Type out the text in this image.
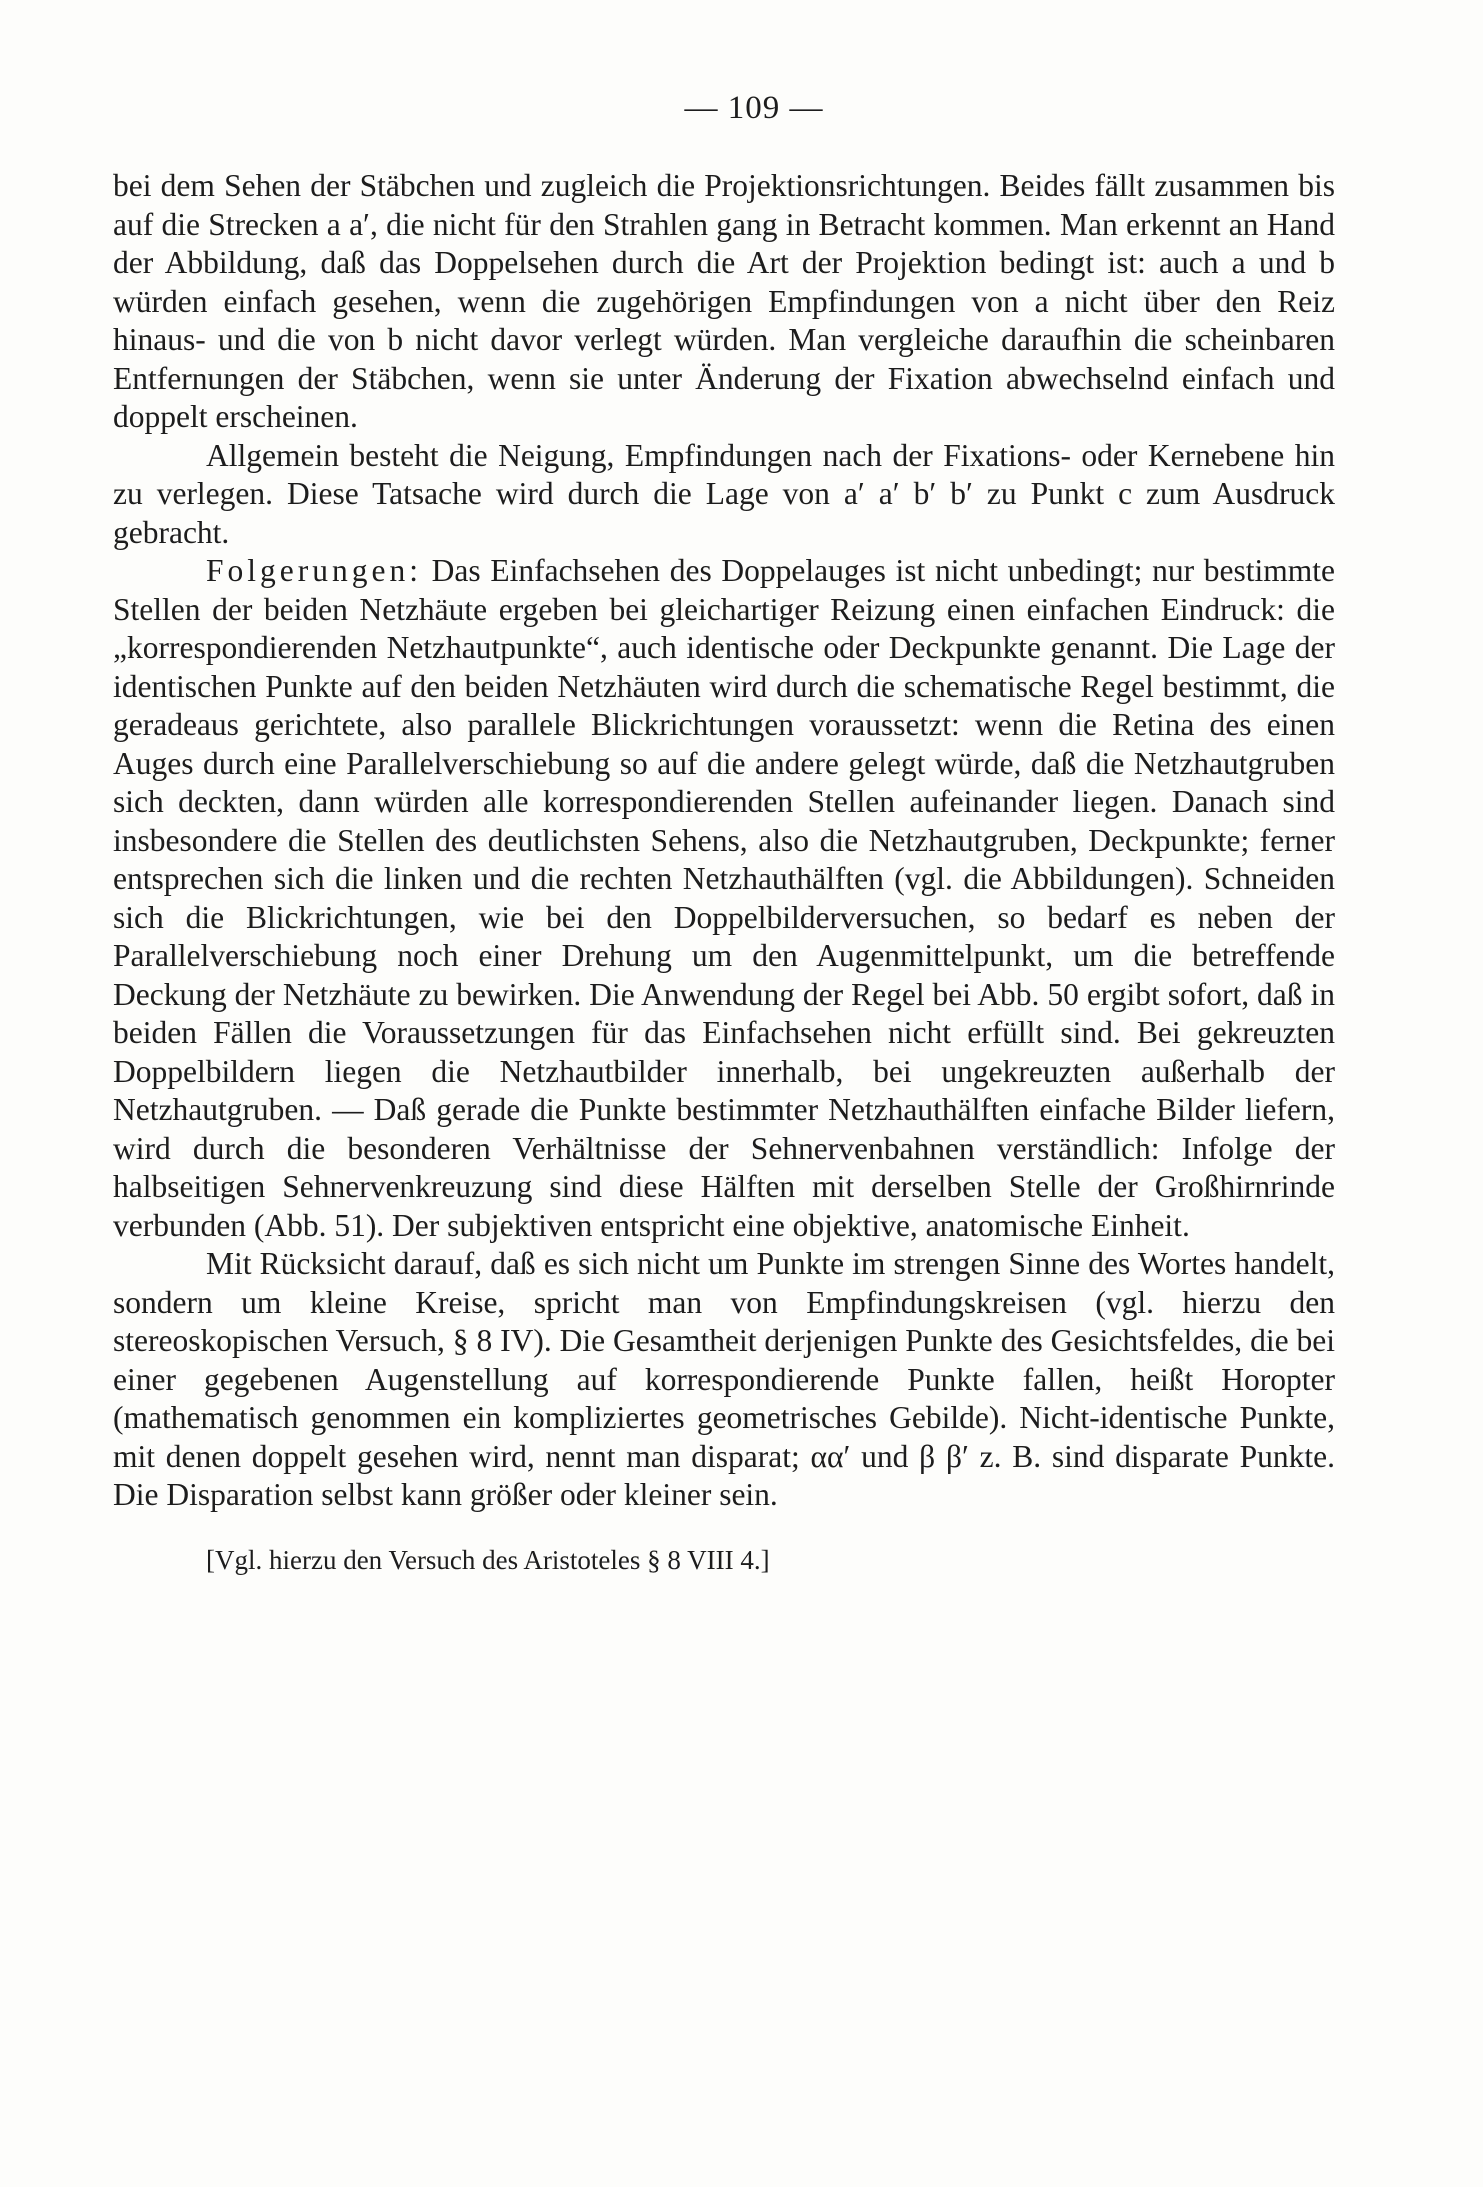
— 109 —

bei dem Sehen der Stäbchen und zugleich die Projektionsrichtungen. Beides fällt zusammen bis auf die Strecken a a′, die nicht für den Strahlen gang in Betracht kommen. Man erkennt an Hand der Abbildung, daß das Doppelsehen durch die Art der Projektion bedingt ist: auch a und b würden einfach gesehen, wenn die zugehörigen Empfindungen von a nicht über den Reiz hinaus- und die von b nicht davor verlegt würden. Man vergleiche daraufhin die scheinbaren Entfernungen der Stäbchen, wenn sie unter Änderung der Fixation abwechselnd einfach und doppelt erscheinen.

Allgemein besteht die Neigung, Empfindungen nach der Fixations- oder Kernebene hin zu verlegen. Diese Tatsache wird durch die Lage von a′ a′ b′ b′ zu Punkt c zum Ausdruck gebracht.

Folgerungen: Das Einfachsehen des Doppelauges ist nicht unbedingt; nur bestimmte Stellen der beiden Netzhäute ergeben bei gleichartiger Reizung einen einfachen Eindruck: die „korrespondierenden Netzhautpunkte“, auch identische oder Deckpunkte genannt. Die Lage der identischen Punkte auf den beiden Netzhäuten wird durch die schematische Regel bestimmt, die geradeaus gerichtete, also parallele Blickrichtungen voraussetzt: wenn die Retina des einen Auges durch eine Parallelverschiebung so auf die andere gelegt würde, daß die Netzhautgruben sich deckten, dann würden alle korrespondierenden Stellen aufeinander liegen. Danach sind insbesondere die Stellen des deutlichsten Sehens, also die Netzhautgruben, Deckpunkte; ferner entsprechen sich die linken und die rechten Netzhauthälften (vgl. die Abbildungen). Schneiden sich die Blickrichtungen, wie bei den Doppelbilderversuchen, so bedarf es neben der Parallelverschiebung noch einer Drehung um den Augenmittelpunkt, um die betreffende Deckung der Netzhäute zu bewirken. Die Anwendung der Regel bei Abb. 50 ergibt sofort, daß in beiden Fällen die Voraussetzungen für das Einfachsehen nicht erfüllt sind. Bei gekreuzten Doppelbildern liegen die Netzhautbilder innerhalb, bei ungekreuzten außerhalb der Netzhautgruben. — Daß gerade die Punkte bestimmter Netzhauthälften einfache Bilder liefern, wird durch die besonderen Verhältnisse der Sehnervenbahnen verständlich: Infolge der halbseitigen Sehnervenkreuzung sind diese Hälften mit derselben Stelle der Großhirnrinde verbunden (Abb. 51). Der subjektiven entspricht eine objektive, anatomische Einheit.

Mit Rücksicht darauf, daß es sich nicht um Punkte im strengen Sinne des Wortes handelt, sondern um kleine Kreise, spricht man von Empfindungskreisen (vgl. hierzu den stereoskopischen Versuch, § 8 IV). Die Gesamtheit derjenigen Punkte des Gesichtsfeldes, die bei einer gegebenen Augenstellung auf korrespondierende Punkte fallen, heißt Horopter (mathematisch genommen ein kompliziertes geometrisches Gebilde). Nicht-identische Punkte, mit denen doppelt gesehen wird, nennt man disparat; αα′ und β β′ z. B. sind disparate Punkte. Die Disparation selbst kann größer oder kleiner sein.

[Vgl. hierzu den Versuch des Aristoteles § 8 VIII 4.]
